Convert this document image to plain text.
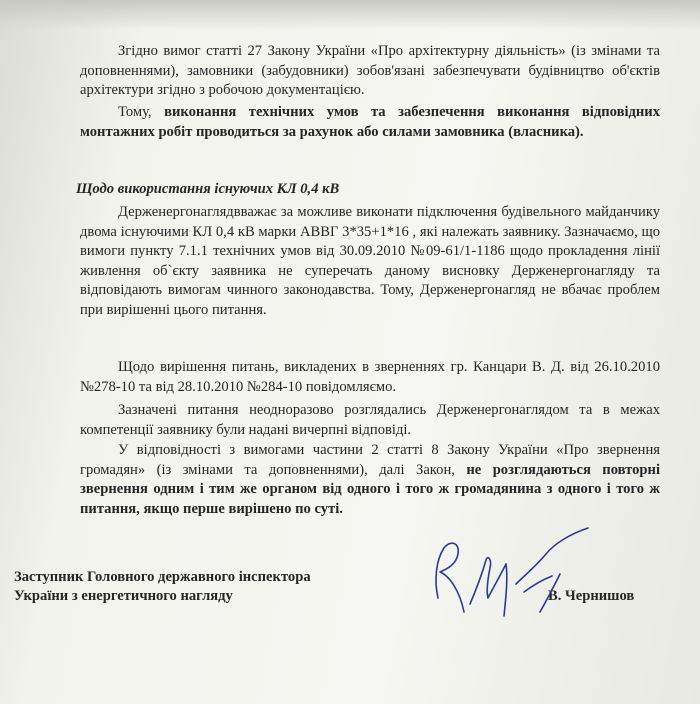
Згідно вимог статті 27 Закону України «Про архітектурну діяльність» (із змінами та доповненнями), замовники (забудовники) зобов'язані забезпечувати будівництво об'єктів архітектури згідно з робочою документацією.
Тому, виконання технічних умов та забезпечення виконання відповідних монтажних робіт проводиться за рахунок або силами замовника (власника).
Щодо використання існуючих КЛ 0,4 кВ
Держенергонаглядвважає за можливе виконати підключення будівельного майданчику двома існуючими КЛ 0,4 кВ марки АВВГ 3*35+1*16 , які належать заявнику. Зазначаємо, що вимоги пункту 7.1.1 технічних умов від 30.09.2010 №09-61/1-1186 щодо прокладення лінії живлення об`єкту заявника не суперечать даному висновку Держенергонагляду та відповідають вимогам чинного законодавства. Тому, Держенергонагляд не вбачає проблем при вирішенні цього питання.
Щодо вирішення питань, викладених в зверненнях гр. Канцари В. Д. від 26.10.2010 №278-10 та від 28.10.2010 №284-10 повідомляємо.
Зазначені питання неодноразово розглядались Держенергонаглядом та в межах компетенції заявнику були надані вичерпні відповіді.
У відповідності з вимогами частини 2 статті 8 Закону України «Про звернення громадян» (із змінами та доповненнями), далі Закон, не розглядаються повторні звернення одним і тим же органом від одного і того ж громадянина з одного і того ж питання, якщо перше вирішено по суті.
Заступник Головного державного інспектора
України з енергетичного нагляду	В. Чернишов
